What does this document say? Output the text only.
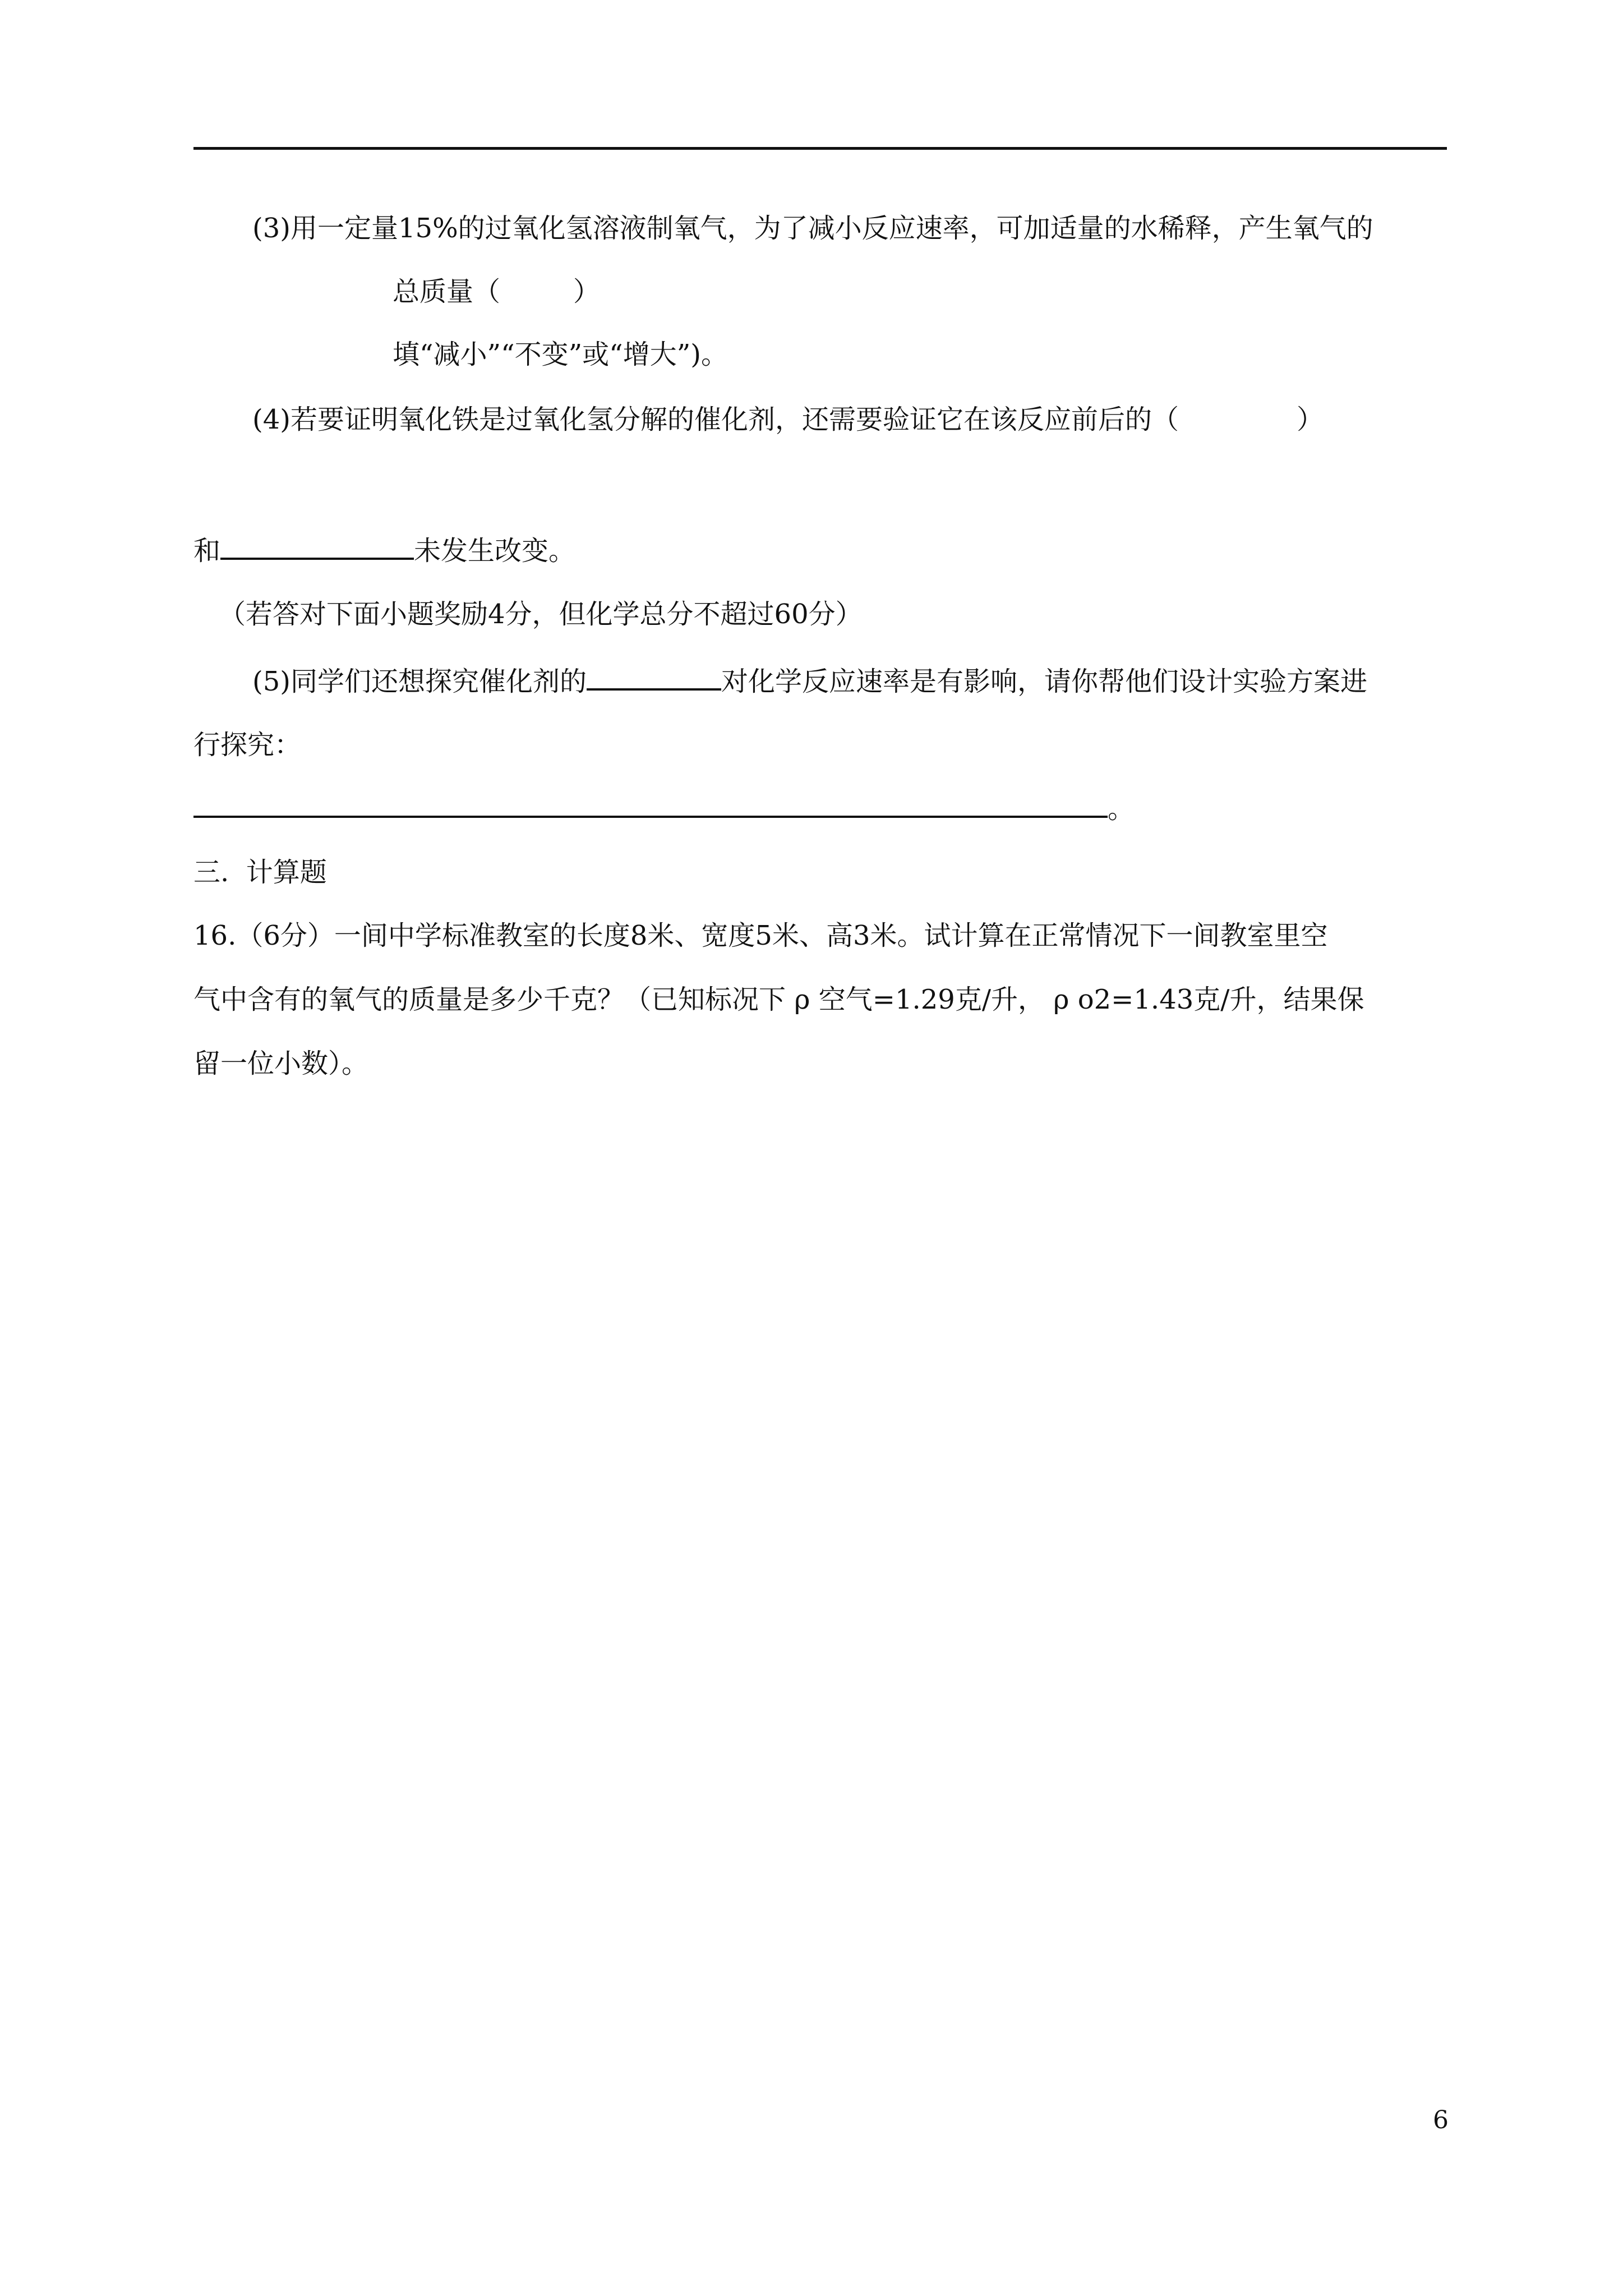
(3)用一定量15%的过氧化氢溶液制氧气，为了减小反应速率，可加适量的水稀释，产生氧气的
总质量（	）
填“减小”“不变”或“增大”)。
(4)若要证明氧化铁是过氧化氢分解的催化剂，还需要验证它在该反应前后的（	）
和	未发生改变。
（若答对下面小题奖励4分，但化学总分不超过60分）
(5)同学们还想探究催化剂的	对化学反应速率是有影响，请你帮他们设计实验方案进
行探究：
。
三.  计算题
16.（6分）一间中学标准教室的长度8米、宽度5米、高3米。试计算在正常情况下一间教室里空
气中含有的氧气的质量是多少千克？（已知标况下 ρ 空气=1.29克/升， ρ o2=1.43克/升，结果保
留一位小数）。
6
